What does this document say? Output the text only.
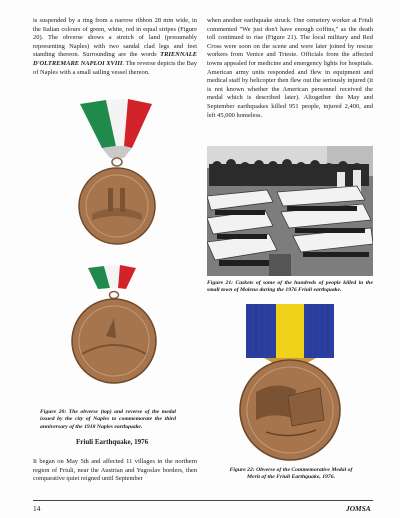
is suspended by a ring from a narrow ribbon 28 mm wide, in the Italian colours of green, white, red in equal stripes (Figure 20). The obverse shows a stretch of land (presumably representing Naples) with two sandal clad legs and feet standing thereon. Surrounding are the words TRIENNALE D'OLTREMARE NAPLOI XVIII. The reverse depicts the Bay of Naples with a small sailing vessel thereon.
when another earthquake struck. One cemetery worker at Friuli commented "We just don't have enough coffins," as the death toll continued to rise (Figure 21). The local military and Red Cross were soon on the scene and were later joined by rescue workers from Venice and Trieste. Officials from the affected towns appealed for medicine and emergency lights for hospitals. American army units responded and flew in equipment and medical staff by helicopter then flew out the seriously injured (it is not known whether the American personnel received the medal which is described later). Altogether the May and September earthquakes killed 951 people, injured 2,400, and left 45,000 homeless.
Figure 20: The obverse (top) and reverse of the medal issued by the city of Naples to commemorate the third anniversary of the 1918 Naples earthquake.
Friuli Earthquake, 1976
It began on May 5th and affected 11 villages in the northern region of Friuli, near the Austrian and Yugoslav borders, then comparative quiet reigned until September
Figure 21: Caskets of some of the hundreds of people killed in the small town of Moleno during the 1976 Friuli earthquake.
Figure 22: Obverse of the Commemorative Medal of Merit of the Friuli Earthquake, 1976.
14	JOMSA
